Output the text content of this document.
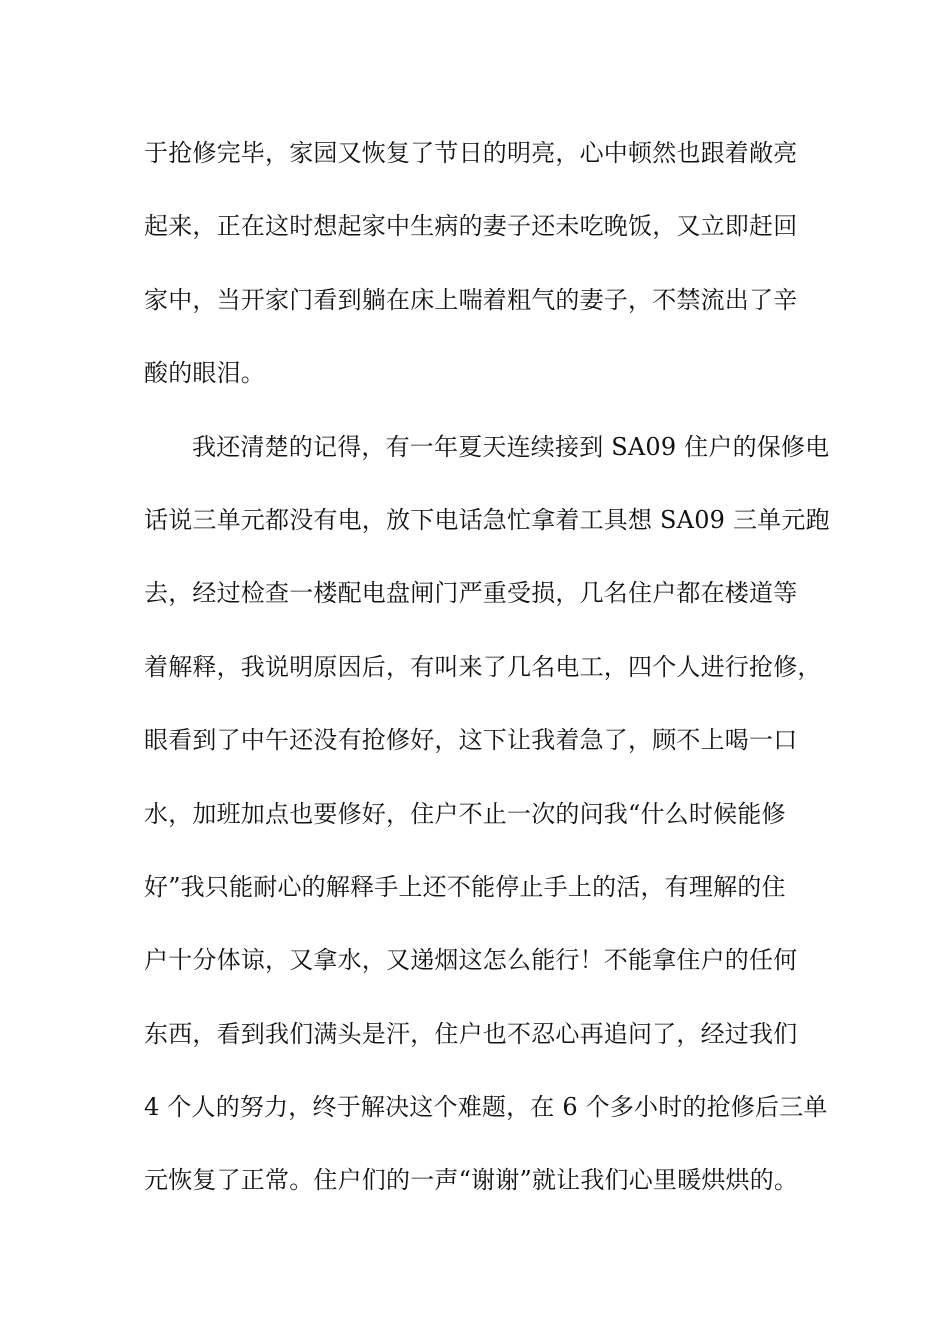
于抢修完毕，家园又恢复了节日的明亮，心中顿然也跟着敞亮
起来，正在这时想起家中生病的妻子还未吃晚饭，又立即赶回
家中，当开家门看到躺在床上喘着粗气的妻子，不禁流出了辛
酸的眼泪。
我还清楚的记得，有一年夏天连续接到 SA09 住户的保修电
话说三单元都没有电，放下电话急忙拿着工具想 SA09 三单元跑
去，经过检查一楼配电盘闸门严重受损，几名住户都在楼道等
着解释，我说明原因后，有叫来了几名电工，四个人进行抢修，
眼看到了中午还没有抢修好，这下让我着急了，顾不上喝一口
水，加班加点也要修好，住户不止一次的问我“什么时候能修
好”我只能耐心的解释手上还不能停止手上的活，有理解的住
户十分体谅，又拿水，又递烟这怎么能行！不能拿住户的任何
东西，看到我们满头是汗，住户也不忍心再追问了，经过我们
4 个人的努力，终于解决这个难题，在 6 个多小时的抢修后三单
元恢复了正常。住户们的一声“谢谢”就让我们心里暖烘烘的。
